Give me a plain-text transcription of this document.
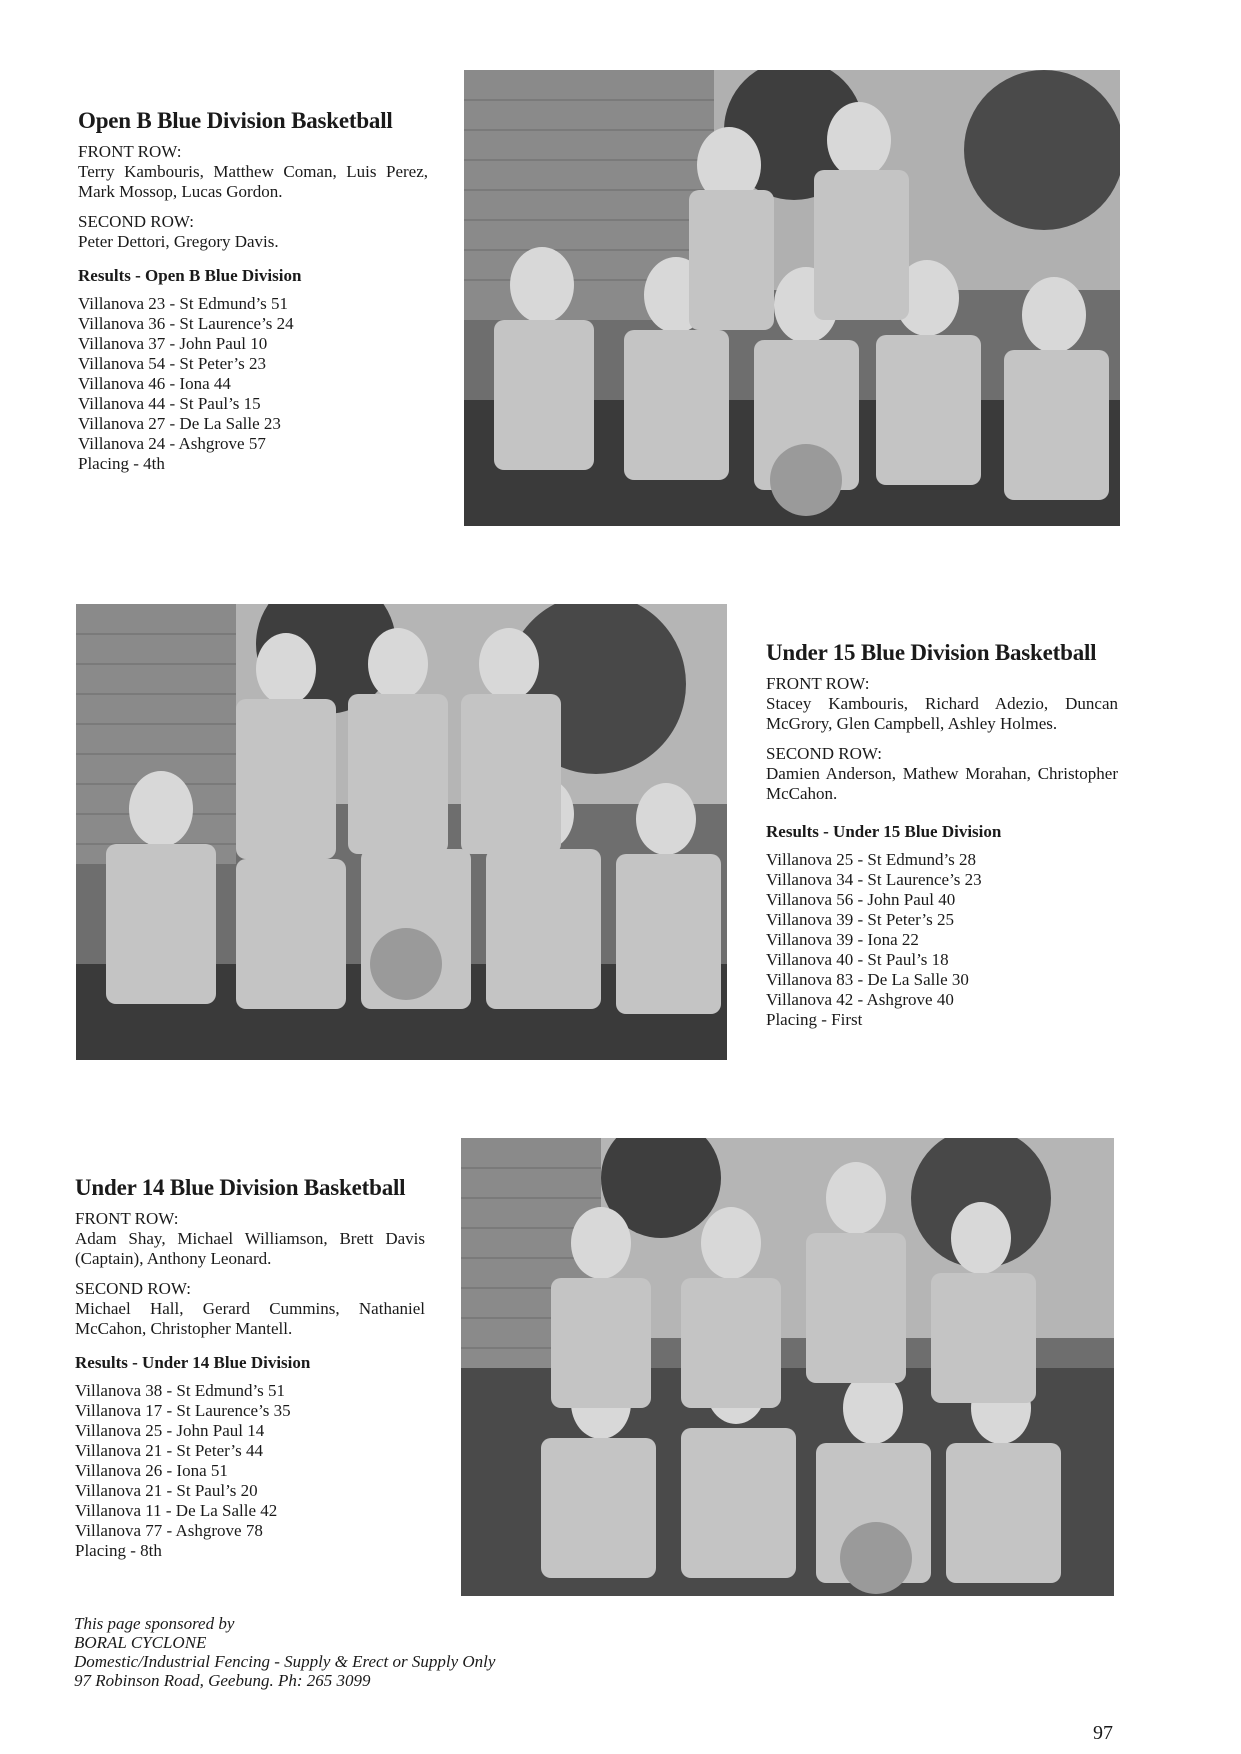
Open B Blue Division Basketball
FRONT ROW:
Terry Kambouris, Matthew Coman, Luis Perez, Mark Mossop, Lucas Gordon.
SECOND ROW:
Peter Dettori, Gregory Davis.
Results - Open B Blue Division
Villanova 23 - St Edmund’s 51
Villanova 36 - St Laurence’s 24
Villanova 37 - John Paul 10
Villanova 54 - St Peter’s 23
Villanova 46 - Iona 44
Villanova 44 - St Paul’s 15
Villanova 27 - De La Salle 23
Villanova 24 - Ashgrove 57
Placing - 4th
Under 15 Blue Division Basketball
FRONT ROW:
Stacey Kambouris, Richard Adezio, Duncan McGrory, Glen Campbell, Ashley Holmes.
SECOND ROW:
Damien Anderson, Mathew Morahan, Christopher McCahon.
Results - Under 15 Blue Division
Villanova 25 - St Edmund’s 28
Villanova 34 - St Laurence’s 23
Villanova 56 - John Paul 40
Villanova 39 - St Peter’s 25
Villanova 39 - Iona 22
Villanova 40 - St Paul’s 18
Villanova 83 - De La Salle 30
Villanova 42 - Ashgrove 40
Placing - First
Under 14 Blue Division Basketball
FRONT ROW:
Adam Shay, Michael Williamson, Brett Davis (Captain), Anthony Leonard.
SECOND ROW:
Michael Hall, Gerard Cummins, Nathaniel McCahon, Christopher Mantell.
Results - Under 14 Blue Division
Villanova 38 - St Edmund’s 51
Villanova 17 - St Laurence’s 35
Villanova 25 - John Paul 14
Villanova 21 - St Peter’s 44
Villanova 26 - Iona 51
Villanova 21 - St Paul’s 20
Villanova 11 - De La Salle 42
Villanova 77 - Ashgrove 78
Placing - 8th
This page sponsored by
BORAL CYCLONE
Domestic/Industrial Fencing - Supply & Erect or Supply Only
97 Robinson Road, Geebung. Ph: 265 3099
97
